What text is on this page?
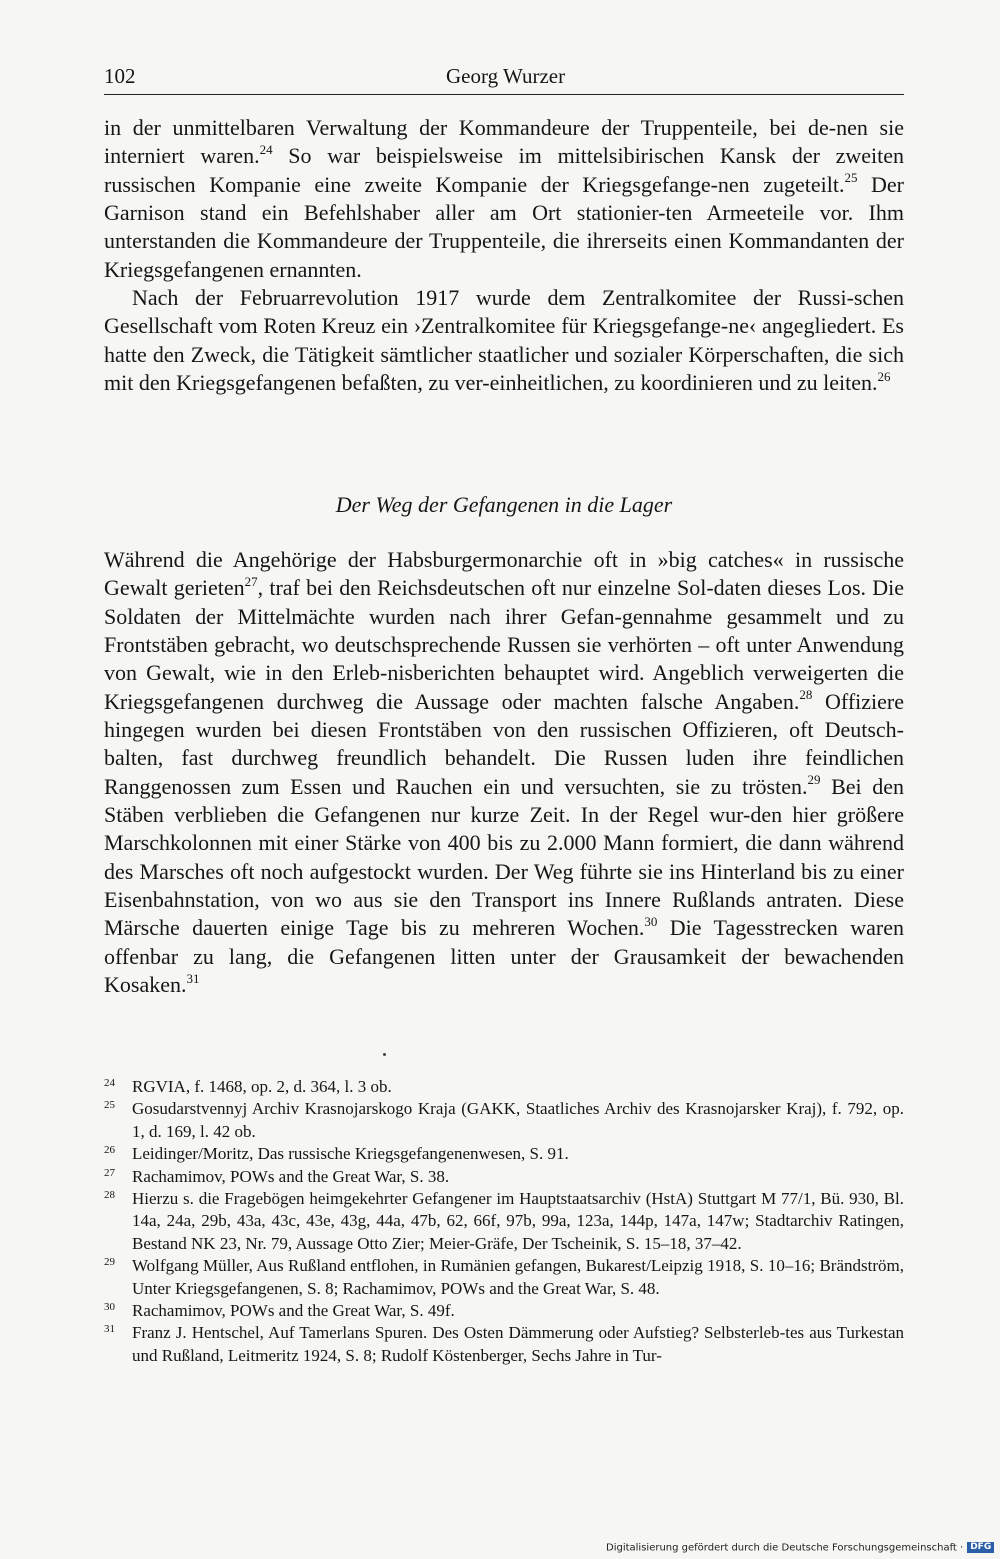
102	Georg Wurzer

in der unmittelbaren Verwaltung der Kommandeure der Truppenteile, bei de-nen sie interniert waren.$^{24}$ So war beispielsweise im mittelsibirischen Kansk der zweiten russischen Kompanie eine zweite Kompanie der Kriegsgefange-nen zugeteilt.$^{25}$ Der Garnison stand ein Befehlshaber aller am Ort stationier-ten Armeeteile vor. Ihm unterstanden die Kommandeure der Truppenteile, die ihrerseits einen Kommandanten der Kriegsgefangenen ernannten.

Nach der Februarrevolution 1917 wurde dem Zentralkomitee der Russi-schen Gesellschaft vom Roten Kreuz ein ›Zentralkomitee für Kriegsgefange-ne‹ angegliedert. Es hatte den Zweck, die Tätigkeit sämtlicher staatlicher und sozialer Körperschaften, die sich mit den Kriegsgefangenen befaßten, zu ver-einheitlichen, zu koordinieren und zu leiten.$^{26}$

Der Weg der Gefangenen in die Lager

Während die Angehörige der Habsburgermonarchie oft in »big catches« in russische Gewalt gerieten$^{27}$, traf bei den Reichsdeutschen oft nur einzelne Sol-daten dieses Los. Die Soldaten der Mittelmächte wurden nach ihrer Gefan-gennahme gesammelt und zu Frontstäben gebracht, wo deutschsprechende Russen sie verhörten – oft unter Anwendung von Gewalt, wie in den Erleb-nisberichten behauptet wird. Angeblich verweigerten die Kriegsgefangenen durchweg die Aussage oder machten falsche Angaben.$^{28}$ Offiziere hingegen wurden bei diesen Frontstäben von den russischen Offizieren, oft Deutsch-balten, fast durchweg freundlich behandelt. Die Russen luden ihre feindlichen Ranggenossen zum Essen und Rauchen ein und versuchten, sie zu trösten.$^{29}$ Bei den Stäben verblieben die Gefangenen nur kurze Zeit. In der Regel wur-den hier größere Marschkolonnen mit einer Stärke von 400 bis zu 2.000 Mann formiert, die dann während des Marsches oft noch aufgestockt wurden. Der Weg führte sie ins Hinterland bis zu einer Eisenbahnstation, von wo aus sie den Transport ins Innere Rußlands antraten. Diese Märsche dauerten einige Tage bis zu mehreren Wochen.$^{30}$ Die Tagesstrecken waren offenbar zu lang, die Gefangenen litten unter der Grausamkeit der bewachenden Kosaken.$^{31}$

24 RGVIA, f. 1468, op. 2, d. 364, l. 3 ob.
25 Gosudarstvennyj Archiv Krasnojarskogo Kraja (GAKK, Staatliches Archiv des Krasnojarsker Kraj), f. 792, op. 1, d. 169, l. 42 ob.
26 Leidinger/Moritz, Das russische Kriegsgefangenenwesen, S. 91.
27 Rachamimov, POWs and the Great War, S. 38.
28 Hierzu s. die Fragebögen heimgekehrter Gefangener im Hauptstaatsarchiv (HstA) Stuttgart M 77/1, Bü. 930, Bl. 14a, 24a, 29b, 43a, 43c, 43e, 43g, 44a, 47b, 62, 66f, 97b, 99a, 123a, 144p, 147a, 147w; Stadtarchiv Ratingen, Bestand NK 23, Nr. 79, Aussage Otto Zier; Meier-Gräfe, Der Tscheinik, S. 15–18, 37–42.
29 Wolfgang Müller, Aus Rußland entflohen, in Rumänien gefangen, Bukarest/Leipzig 1918, S. 10–16; Brändström, Unter Kriegsgefangenen, S. 8; Rachamimov, POWs and the Great War, S. 48.
30 Rachamimov, POWs and the Great War, S. 49f.
31 Franz J. Hentschel, Auf Tamerlans Spuren. Des Osten Dämmerung oder Aufstieg? Selbsterleb-tes aus Turkestan und Rußland, Leitmeritz 1924, S. 8; Rudolf Köstenberger, Sechs Jahre in Tur-
Digitalisierung gefördert durch die Deutsche Forschungsgemeinschaft · DFG
